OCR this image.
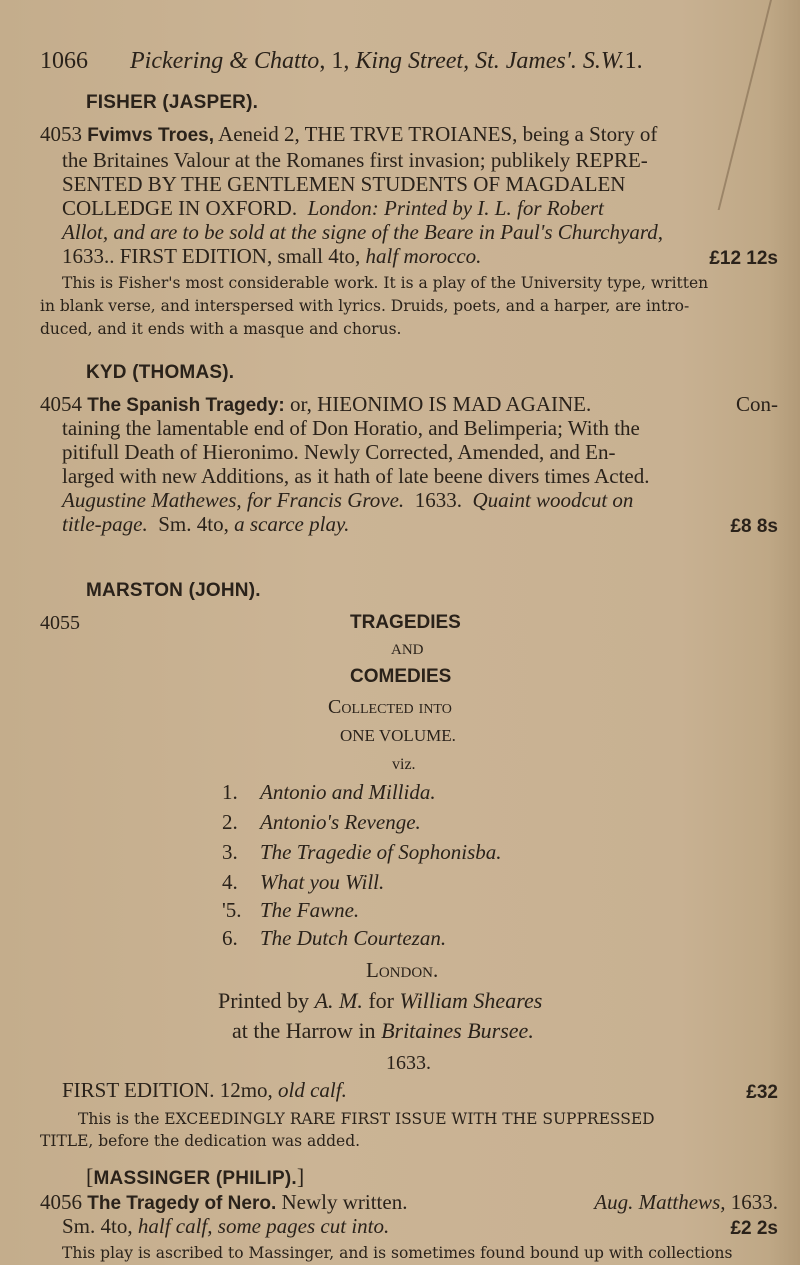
1066 Pickering & Chatto, 1, King Street, St. James'. S.W.1.
FISHER (JASPER).
4053 Fvimvs Troes, Aeneid 2, THE TRVE TROIANES, being a Story of
the Britaines Valour at the Romanes first invasion; publikely REPRE-
SENTED BY THE GENTLEMEN STUDENTS OF MAGDALEN
COLLEDGE IN OXFORD. London: Printed by I. L. for Robert
Allot, and are to be sold at the signe of the Beare in Paul's Churchyard,
1633.. FIRST EDITION, small 4to, half morocco.	£12 12s
This is Fisher's most considerable work. It is a play of the University type, written
in blank verse, and interspersed with lyrics. Druids, poets, and a harper, are intro-
duced, and it ends with a masque and chorus.
KYD (THOMAS).
4054 The Spanish Tragedy: or, HIEONIMO IS MAD AGAINE.	Con-
taining the lamentable end of Don Horatio, and Belimperia; With the
pitifull Death of Hieronimo. Newly Corrected, Amended, and En-
larged with new Additions, as it hath of late beene divers times Acted.
Augustine Mathewes, for Francis Grove. 1633. Quaint woodcut on
title-page. Sm. 4to, a scarce play.	£8 8s
MARSTON (JOHN).
4055	TRAGEDIES
AND
COMEDIES
Collected into
ONE VOLUME.
viz.
1. Antonio and Millida.
2. Antonio's Revenge.
3. The Tragedie of Sophonisba.
4. What you Will.
'5. The Fawne.
6. The Dutch Courtezan.
London.
Printed by A. M. for William Sheares
at the Harrow in Britaines Bursee.
1633.
FIRST EDITION. 12mo, old calf.	£32
This is the EXCEEDINGLY RARE FIRST ISSUE WITH THE SUPPRESSED
TITLE, before the dedication was added.
[MASSINGER (PHILIP).]
4056 The Tragedy of Nero. Newly written.	Aug. Matthews, 1633.
Sm. 4to, half calf, some pages cut into.	£2 2s
This play is ascribed to Massinger, and is sometimes found bound up with collections
